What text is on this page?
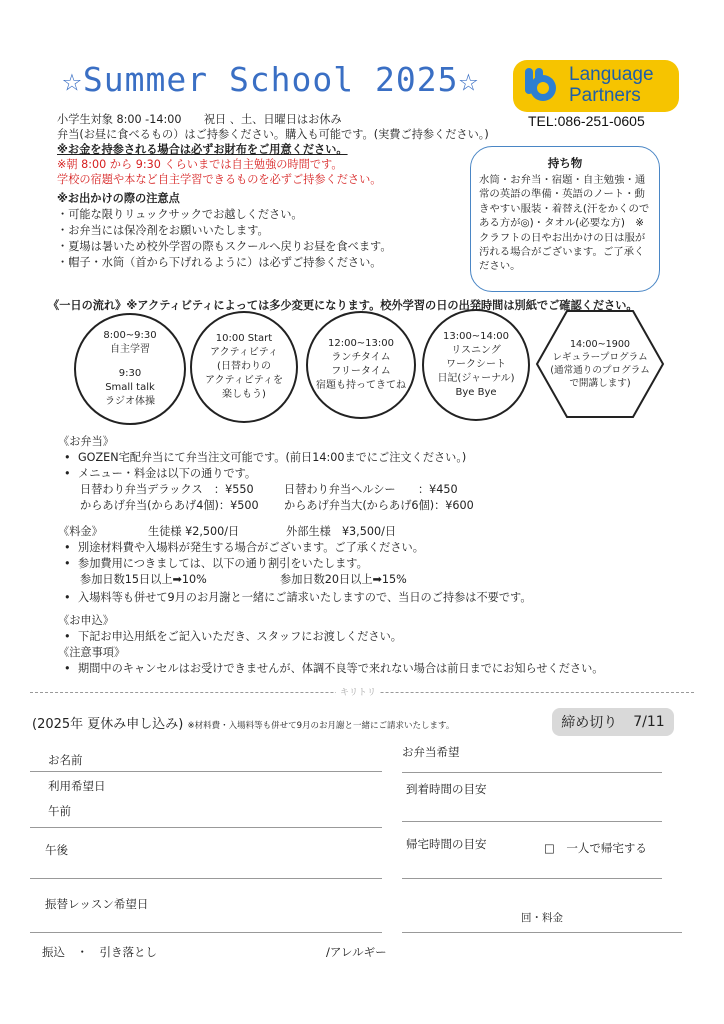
☆Summer School 2025☆	Language
Partners
TEL:086-251-0605
小学生対象 8:00 -14:00　　祝日 、土、日曜日はお休み
弁当(お昼に食べるもの）はご持参ください。購入も可能です。(実費ご持参ください。)
※お金を持参される場合は必ずお財布をご用意ください。
※朝 8:00 から 9:30 くらいまでは自主勉強の時間です。
学校の宿題や本など自主学習できるものを必ずご持参ください。
※お出かけの際の注意点
・可能な限りリュックサックでお越しください。
・お弁当には保冷剤をお願いいたします。
・夏場は暑いため校外学習の際もスクールへ戻りお昼を食べます。
・帽子・水筒（首から下げれるように）は必ずご持参ください。
持ち物
水筒・お弁当・宿題・自主勉強・通常の英語の準備・英語のノート・動きやすい服装・着替え(汗をかくのである方が◎)・タオル(必要な方)　※クラフトの日やお出かけの日は服が汚れる場合がございます。ご了承ください。
《一日の流れ》※アクティビティによっては多少変更になります。校外学習の日の出発時間は別紙でご確認ください。
8:00~9:30
自主学習
9:30
Small talk
ラジオ体操
10:00 Start
アクティビティ
(日替わりの
アクティビティを
楽しもう)
12:00~13:00
ランチタイム
フリータイム
宿題も持ってきてね
13:00~14:00
リスニング
ワークシート
日記(ジャーナル)
Bye Bye
14:00~1900
レギュラープログラム
(通常通りのプログラム
で開講します)
《お弁当》
• GOZEN宅配弁当にて弁当注文可能です。(前日14:00までにご注文ください。)
• メニュー・料金は以下の通りです。
日替わり弁当デラックス　：¥550	日替わり弁当ヘルシー　　：¥450
からあげ弁当(からあげ4個)：¥500 からあげ弁当大(からあげ6個)：¥600
《料金》	生徒様 ¥2,500/日	外部生様　¥3,500/日
• 別途材料費や入場料が発生する場合がございます。ご了承ください。
• 参加費用につきましては、以下の通り割引をいたします。
参加日数15日以上➡10%	参加日数20日以上➡15%
• 入場料等も併せて9月のお月謝と一緒にご請求いたしますので、当日のご持参は不要です。
《お申込》
• 下記お申込用紙をご記入いただき、スタッフにお渡しください。
《注意事項》
• 期間中のキャンセルはお受けできませんが、体調不良等で来れない場合は前日までにお知らせください。
キリトリ
(2025年 夏休み申し込み) ※材料費・入場料等も併せて9月のお月謝と一緒にご請求いたします。	締め切り 7/11
お名前
お弁当希望
利用希望日
午前
到着時間の目安
午後	帰宅時間の目安	□　一人で帰宅する
振替レッスン希望日
回・料金
振込　・　引き落とし	/アレルギー
